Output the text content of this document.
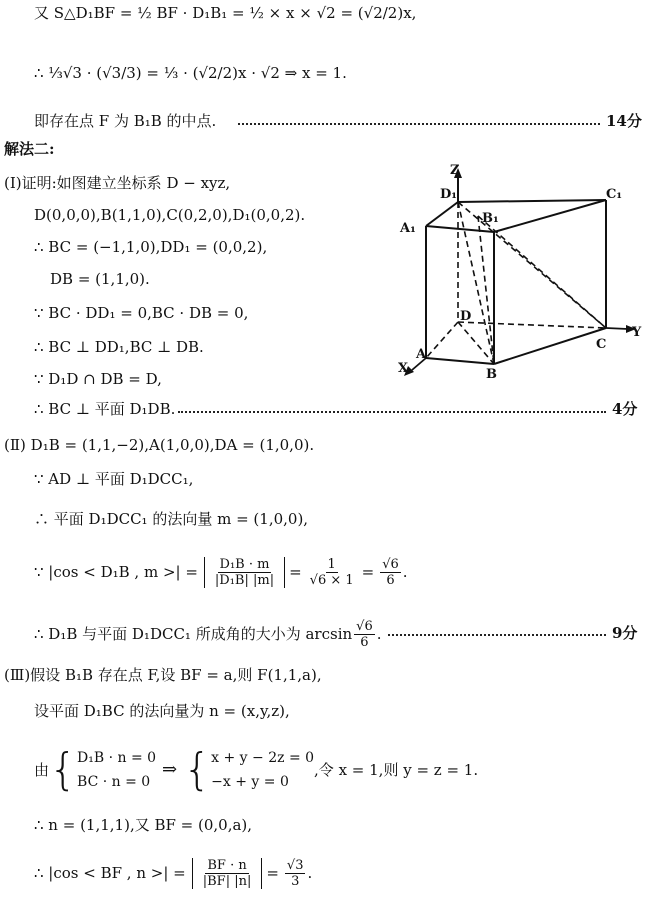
又 S△D₁BF = ½ BF · D₁B₁ = ½ × x × √2 = (√2/2)x,
∴ ⅓√3 · (√3/3) = ⅓ · (√2/2)x · √2 ⇒ x = 1.
即存在点 F 为 B₁B 的中点.	14分
解法二:
(Ⅰ)证明:如图建立坐标系 D − xyz,
D(0,0,0),B(1,1,0),C(0,2,0),D₁(0,0,2).
∴ BC = (−1,1,0),DD₁ = (0,0,2),
DB = (1,1,0).
∵ BC · DD₁ = 0,BC · DB = 0,
∴ BC ⊥ DD₁,BC ⊥ DB.
∵ D₁D ∩ DB = D,
∴ BC ⊥ 平面 D₁DB.	4分
Z
D₁
B₁
C₁
A₁
D
Y
C
X
A
B
(Ⅱ) D₁B = (1,1,−2),A(1,0,0),DA = (1,0,0).
∵ AD ⊥ 平面 D₁DCC₁,
∴ 平面 D₁DCC₁ 的法向量 m = (1,0,0),
∵ |cos < D₁B , m >| = $\frac{\text{D₁B · m}}{\text{|D₁B| |m|}} = \frac{1}{√6 \times 1} = \frac{√6}{6}$ .
∴ D₁B 与平面 D₁DCC₁ 所成角的大小为 $\arcsin \frac{√6}{6}$ .	9分
(Ⅲ)假设 B₁B 存在点 F,设 BF = a,则 F(1,1,a),
设平面 D₁BC 的法向量为 n = (x,y,z),
由 { D₁B · n = 0
BC · n = 0
⇒ { x + y − 2z = 0
−x + y = 0
,令 x = 1,则 y = z = 1.
∴ n = (1,1,1),又 BF = (0,0,a),
∴ |cos < BF , n >| = $\frac{BF \cdot n}{|BF| |n|} = \frac{√3}{3}$ .
